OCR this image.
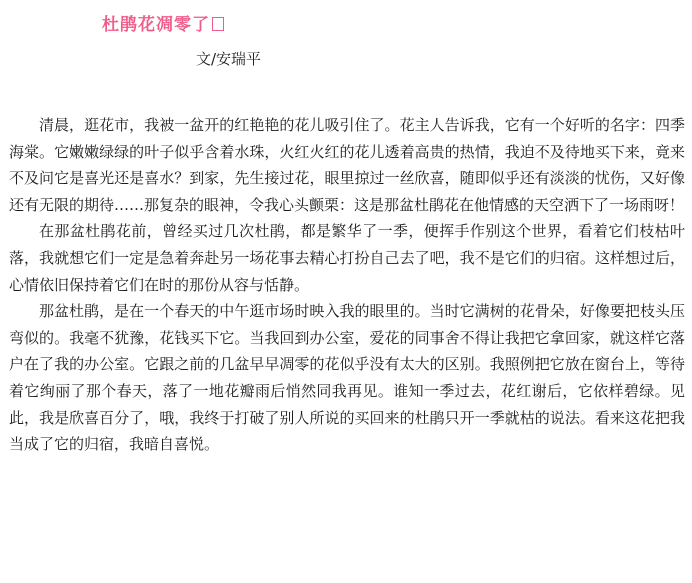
杜鹃花凋零了
文/安瑞平

清晨，逛花市，我被一盆开的红艳艳的花儿吸引住了。花主人告诉我，它有一个好听的名字：四季海棠。它嫩嫩绿绿的叶子似乎含着水珠，火红火红的花儿透着高贵的热情，我迫不及待地买下来，竟来不及问它是喜光还是喜水？到家，先生接过花，眼里掠过一丝欣喜，随即似乎还有淡淡的忧伤，又好像还有无限的期待……那复杂的眼神，令我心头颤栗：这是那盆杜鹃花在他情感的天空洒下了一场雨呀！

在那盆杜鹃花前，曾经买过几次杜鹃，都是繁华了一季，便挥手作别这个世界，看着它们枝枯叶落，我就想它们一定是急着奔赴另一场花事去精心打扮自己去了吧，我不是它们的归宿。这样想过后，心情依旧保持着它们在时的那份从容与恬静。

那盆杜鹃，是在一个春天的中午逛市场时映入我的眼里的。当时它满树的花骨朵，好像要把枝头压弯似的。我毫不犹豫，花钱买下它。当我回到办公室，爱花的同事舍不得让我把它拿回家，就这样它落户在了我的办公室。它跟之前的几盆早早凋零的花似乎没有太大的区别。我照例把它放在窗台上，等待着它绚丽了那个春天，落了一地花瓣雨后悄然同我再见。谁知一季过去，花红谢后，它依样碧绿。见此，我是欣喜百分了，哦，我终于打破了别人所说的买回来的杜鹃只开一季就枯的说法。看来这花把我当成了它的归宿，我暗自喜悦。
